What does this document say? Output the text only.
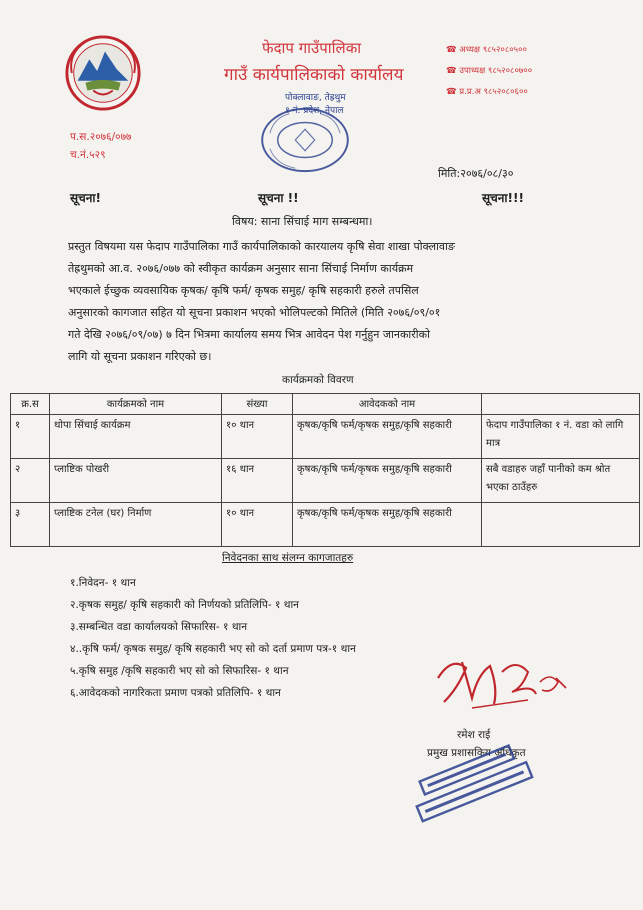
फेदाप गाउँपालिका
गाउँ कार्यपालिकाको कार्यालय
पोक्लावाङ, तेह्रथुम
१ नं. प्रदेश, नेपाल
☎ अध्यक्ष ९८५२०८०५००
☎ उपाध्यक्ष ९८५२०८०७००
☎ प्र.प्र.अ ९८५२०८०६००
प.स.२०७६/०७७
च.नं.५२९
मिति:२०७६/०८/३०
सूचना!	सूचना !!	सूचना!!!
विषय: साना सिंचाई माग सम्बन्धमा।
प्रस्तुत विषयमा यस फेदाप गाउँपालिका गाउँ कार्यपालिकाको कारयालय कृषि सेवा शाखा पोक्लावाङ
तेह्रथुमको आ.व. २०७६/०७७ को स्वीकृत कार्यक्रम अनुसार साना सिंचाई निर्माण कार्यक्रम
भएकाले ईच्छुक व्यवसायिक कृषक/ कृषि फर्म/ कृषक समुह/ कृषि सहकारी हरुले तपसिल
अनुसारको कागजात सहित यो सूचना प्रकाशन भएको भोलिपल्टको मितिले (मिति २०७६/०९/०१
गते देखि २०७६/०९/०७) ७ दिन भित्रमा कार्यालय समय भित्र आवेदन पेश गर्नुहुन जानकारीको
लागि यो सूचना प्रकाशन गरिएको छ।
कार्यक्रमको विवरण
क्र.स	कार्यक्रमको नाम	संख्या	आवेदकको नाम	
१	थोपा सिंचाई कार्यक्रम	१० थान	कृषक/कृषि फर्म/कृषक समुह/कृषि सहकारी	फेदाप गाउँपालिका १ नं. वडा को लागि मात्र
२	प्लाष्टिक पोखरी	१६ थान	कृषक/कृषि फर्म/कृषक समुह/कृषि सहकारी	सबै वडाहरु जहाँ पानीको कम श्रोत भएका ठाउँहरु
३	प्लाष्टिक टनेल (घर) निर्माण	१० थान	कृषक/कृषि फर्म/कृषक समुह/कृषि सहकारी	
निवेदनका साथ संलग्न कागजातहरु
१.निवेदन- १ थान
२.कृषक समुह/ कृषि सहकारी को निर्णयको प्रतिलिपि- १ थान
३.सम्बन्धित वडा कार्यालयको सिफारिस- १ थान
४..कृषि फर्म/ कृषक समुह/ कृषि सहकारी भए सो को दर्ता प्रमाण पत्र-१ थान
५.कृषि समुह /कृषि सहकारी भए सो को सिफारिस- १ थान
६.आवेदकको नागरिकता प्रमाण पत्रको प्रतिलिपि- १ थान
रमेश राई
प्रमुख प्रशासकिय अधिकृत
